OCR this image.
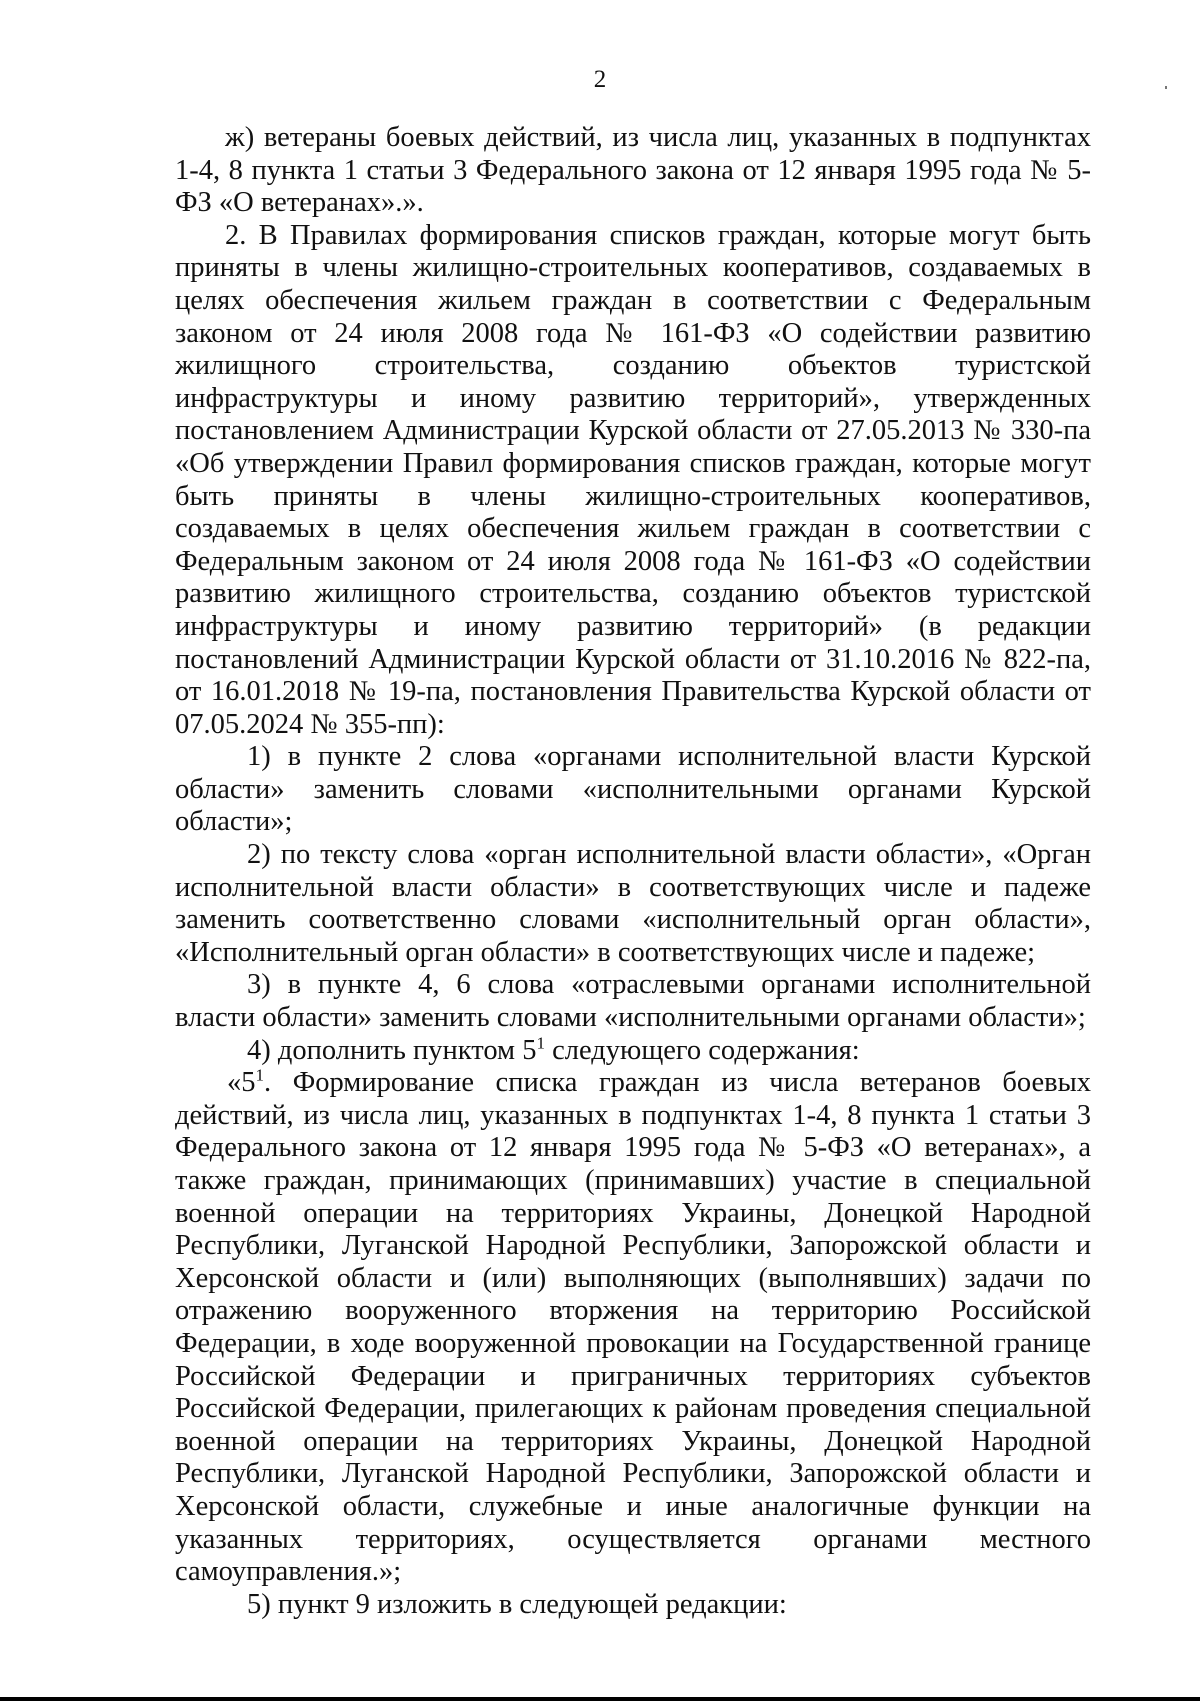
2

ж) ветераны боевых действий, из числа лиц, указанных в подпунктах 1-4, 8 пункта 1 статьи 3 Федерального закона от 12 января 1995 года № 5-ФЗ «О ветеранах».».

2. В Правилах формирования списков граждан, которые могут быть приняты в члены жилищно-строительных кооперативов, создаваемых в целях обеспечения жильем граждан в соответствии с Федеральным законом от 24 июля 2008 года № 161-ФЗ «О содействии развитию жилищного строительства, созданию объектов туристской инфраструктуры и иному развитию территорий», утвержденных постановлением Администрации Курской области от 27.05.2013 № 330-па «Об утверждении Правил формирования списков граждан, которые могут быть приняты в члены жилищно-строительных кооперативов, создаваемых в целях обеспечения жильем граждан в соответствии с Федеральным законом от 24 июля 2008 года № 161-ФЗ «О содействии развитию жилищного строительства, созданию объектов туристской инфраструктуры и иному развитию территорий» (в редакции постановлений Администрации Курской области от 31.10.2016 № 822-па, от 16.01.2018 № 19-па, постановления Правительства Курской области от 07.05.2024 № 355-пп):

1) в пункте 2 слова «органами исполнительной власти Курской области» заменить словами «исполнительными органами Курской области»;

2) по тексту слова «орган исполнительной власти области», «Орган исполнительной власти области» в соответствующих числе и падеже заменить соответственно словами «исполнительный орган области», «Исполнительный орган области» в соответствующих числе и падеже;

3) в пункте 4, 6 слова «отраслевыми органами исполнительной власти области» заменить словами «исполнительными органами области»;

4) дополнить пунктом $5^1$ следующего содержания:

«$5^1$. Формирование списка граждан из числа ветеранов боевых действий, из числа лиц, указанных в подпунктах 1-4, 8 пункта 1 статьи 3 Федерального закона от 12 января 1995 года № 5-ФЗ «О ветеранах», а также граждан, принимающих (принимавших) участие в специальной военной операции на территориях Украины, Донецкой Народной Республики, Луганской Народной Республики, Запорожской области и Херсонской области и (или) выполняющих (выполнявших) задачи по отражению вооруженного вторжения на территорию Российской Федерации, в ходе вооруженной провокации на Государственной границе Российской Федерации и приграничных территориях субъектов Российской Федерации, прилегающих к районам проведения специальной военной операции на территориях Украины, Донецкой Народной Республики, Луганской Народной Республики, Запорожской области и Херсонской области, служебные и иные аналогичные функции на указанных территориях, осуществляется органами местного самоуправления.»;

5) пункт 9 изложить в следующей редакции:
